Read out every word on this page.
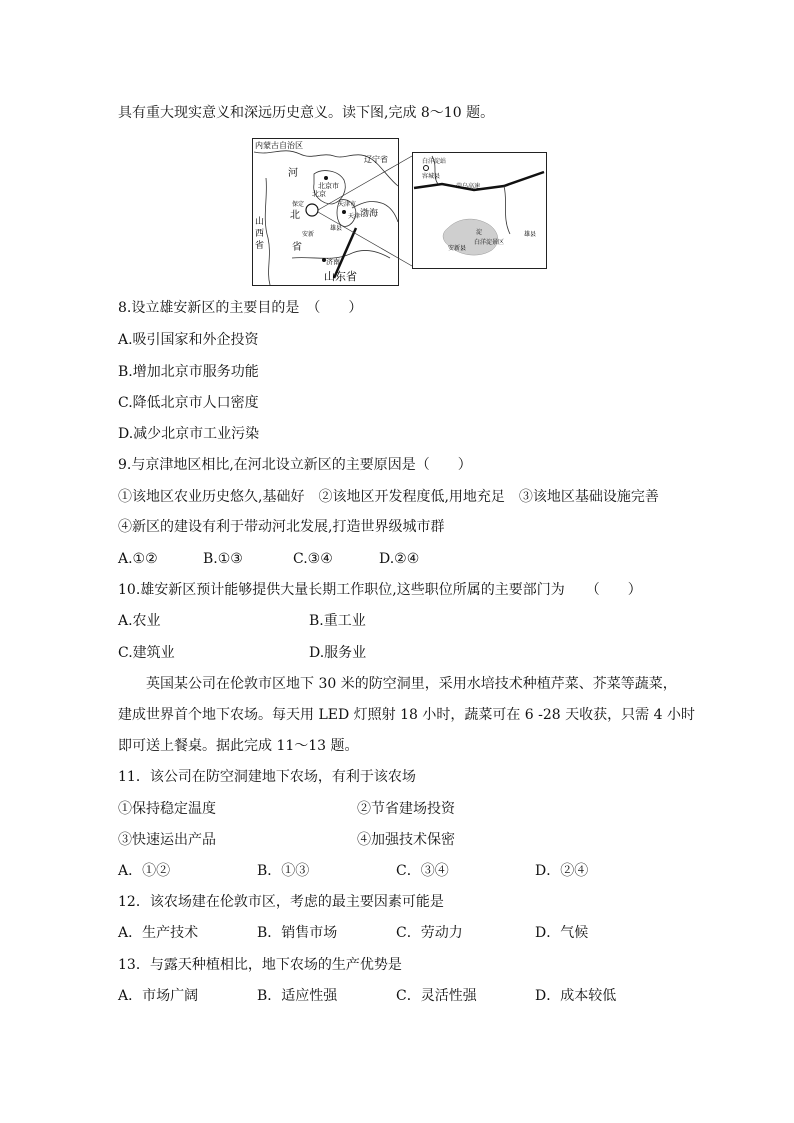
具有重大现实意义和深远历史意义。读下图,完成 8～10 题。
内蒙古自治区
辽宁省
河
北
省
山
西
省
北京市
北京
天津市
天津
保定
雄县
安新
渤海
济南
山东省
白洋淀站
容城县
荣乌高速
雄县
安新县
白洋淀景区
淀
8.设立雄安新区的主要目的是　（　　）
A.吸引国家和外企投资
B.增加北京市服务功能
C.降低北京市人口密度
D.减少北京市工业污染
9.与京津地区相比,在河北设立新区的主要原因是（　　）
①该地区农业历史悠久,基础好　②该地区开发程度低,用地充足　③该地区基础设施完善
④新区的建设有利于带动河北发展,打造世界级城市群
A.①②	B.①③	C.③④	D.②④
10.雄安新区预计能够提供大量长期工作职位,这些职位所属的主要部门为　　（　　）
A.农业	B.重工业
C.建筑业	D.服务业
英国某公司在伦敦市区地下 30 米的防空洞里，采用水培技术种植芹菜、芥菜等蔬菜，
建成世界首个地下农场。每天用 LED 灯照射 18 小时，蔬菜可在 6 -28 天收获，只需 4 小时
即可送上餐桌。据此完成 11～13 题。
11．该公司在防空洞建地下农场，有利于该农场
①保持稳定温度	②节省建场投资
③快速运出产品	④加强技术保密
A．①②	B．①③	C．③④	D．②④
12．该农场建在伦敦市区，考虑的最主要因素可能是
A．生产技术	B．销售市场	C．劳动力	D．气候
13．与露天种植相比，地下农场的生产优势是
A．市场广阔	B．适应性强	C．灵活性强	D．成本较低
